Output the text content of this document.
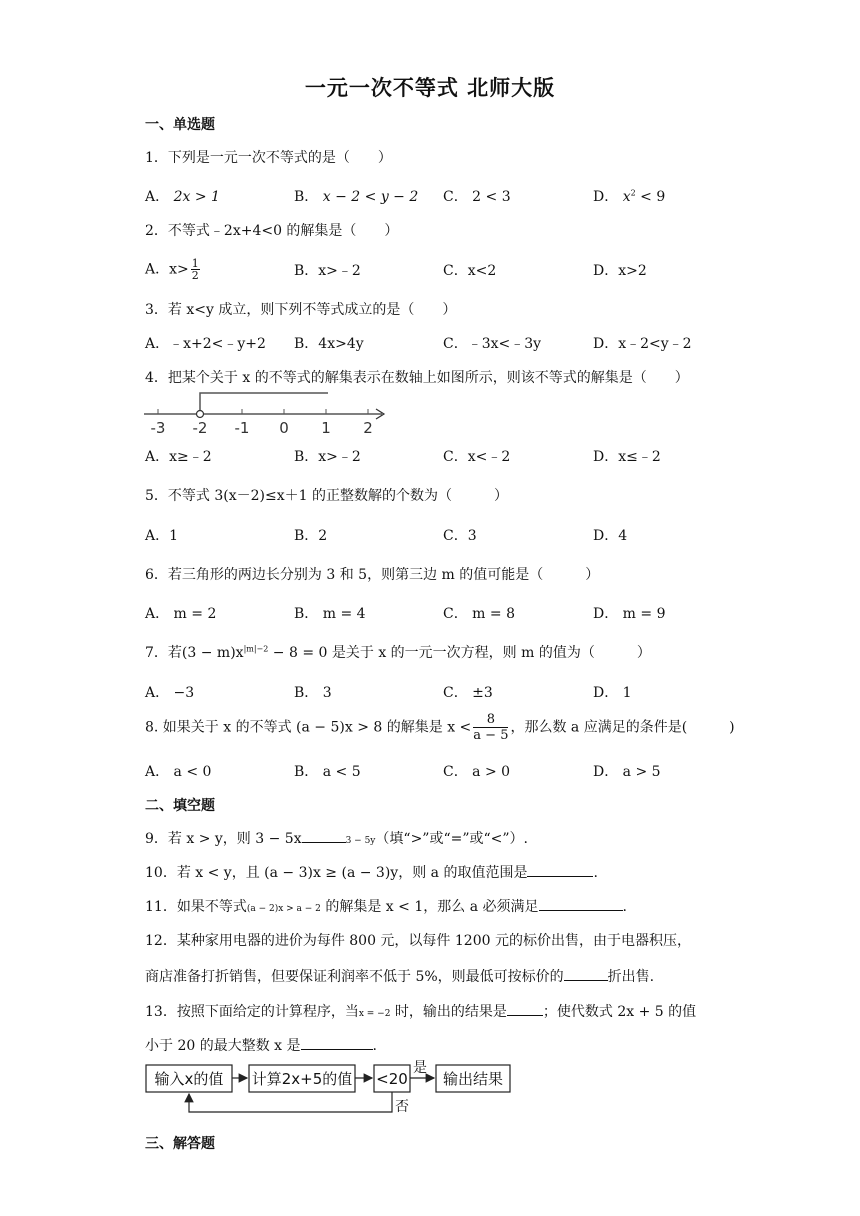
一元一次不等式 北师大版
一、单选题
1．下列是一元一次不等式的是（　　）
A． 2x > 1	B． x − 2 < y − 2 C． 2 < 3	D． $x^2 < 9$
2．不等式﹣2x+4<0 的解集是（　　）
A．$x> \frac{1}{2}$	B．x>﹣2	C．x<2	D．x>2
3．若 x<y 成立，则下列不等式成立的是（　　）
A．﹣x+2<﹣y+2 B．4x>4y	C．﹣3x<﹣3y	D．x﹣2<y﹣2
4．把某个关于 x 的不等式的解集表示在数轴上如图所示，则该不等式的解集是（　　）
-3 -2 -1 0 1 2
A．x≥﹣2	B．x>﹣2	C．x<﹣2	D．x≤﹣2
5．不等式 3(x－2)≤x＋1 的正整数解的个数为（　　　）
A．1	B．2	C．3	D．4
6．若三角形的两边长分别为 3 和 5，则第三边 m 的值可能是（　　　）
A． m = 2	B． m = 4	C． m = 8	D． m = 9
7．若$(3 - m)x^{|m|-2} - 8 = 0$ 是关于 x 的一元一次方程，则 m 的值为（　　　）
A． −3	B． 3	C． ±3	D． 1
8. 如果关于 x 的不等式 (a − 5)x > 8 的解集是 $x < \frac{8}{a - 5}$ ，那么数 a 应满足的条件是(　　　)
A． a < 0	B． a < 5	C． a > 0	D． a > 5
二、填空题
9．若 x > y，则 3 − 5x	3 − 5y（填“>”或“=”或“<”）.
10．若 x < y，且 (a − 3)x ≥ (a − 3)y，则 a 的取值范围是	.
11．如果不等式(a − 2)x > a − 2 的解集是 x < 1，那么 a 必须满足	.
12．某种家用电器的进价为每件 800 元，以每件 1200 元的标价出售，由于电器积压，
商店准备打折销售，但要保证利润率不低于 5%，则最低可按标价的	折出售.
13．按照下面给定的计算程序，当x = −2 时，输出的结果是	；使代数式 2x + 5 的值
小于 20 的最大整数 x 是	.
输入x的值 计算2x+5的值 <20
是
输出结果
否
三、解答题
